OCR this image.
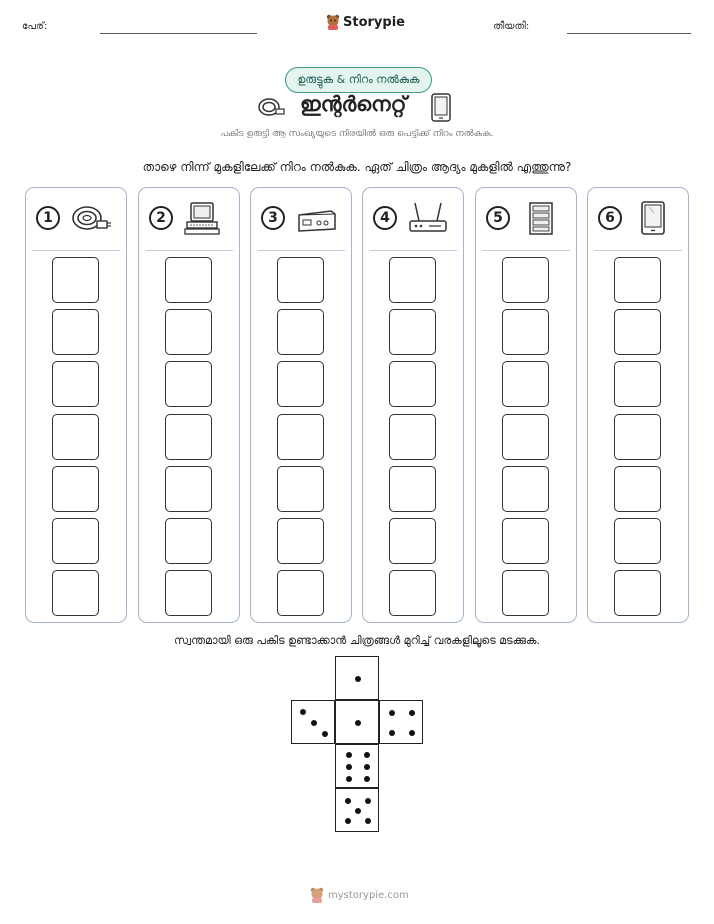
പേര്:	Storypie	തീയതി:
ഉരുട്ടുക & നിറം നൽകുക
ഇന്റർനെറ്റ്
പകിട ഉരുട്ടി ആ സംഖ്യയുടെ നിരയിൽ ഒരു പെട്ടിക്ക് നിറം നൽകുക.
താഴെ നിന്ന് മുകളിലേക്ക് നിറം നൽകുക. ഏത് ചിത്രം ആദ്യം മുകളിൽ എത്തുന്നു?
1	2	3	4	5	6
സ്വന്തമായി ഒരു പകിട ഉണ്ടാക്കാൻ ചിത്രങ്ങൾ മുറിച്ച് വരകളിലൂടെ മടക്കുക.
mystorypie.com
